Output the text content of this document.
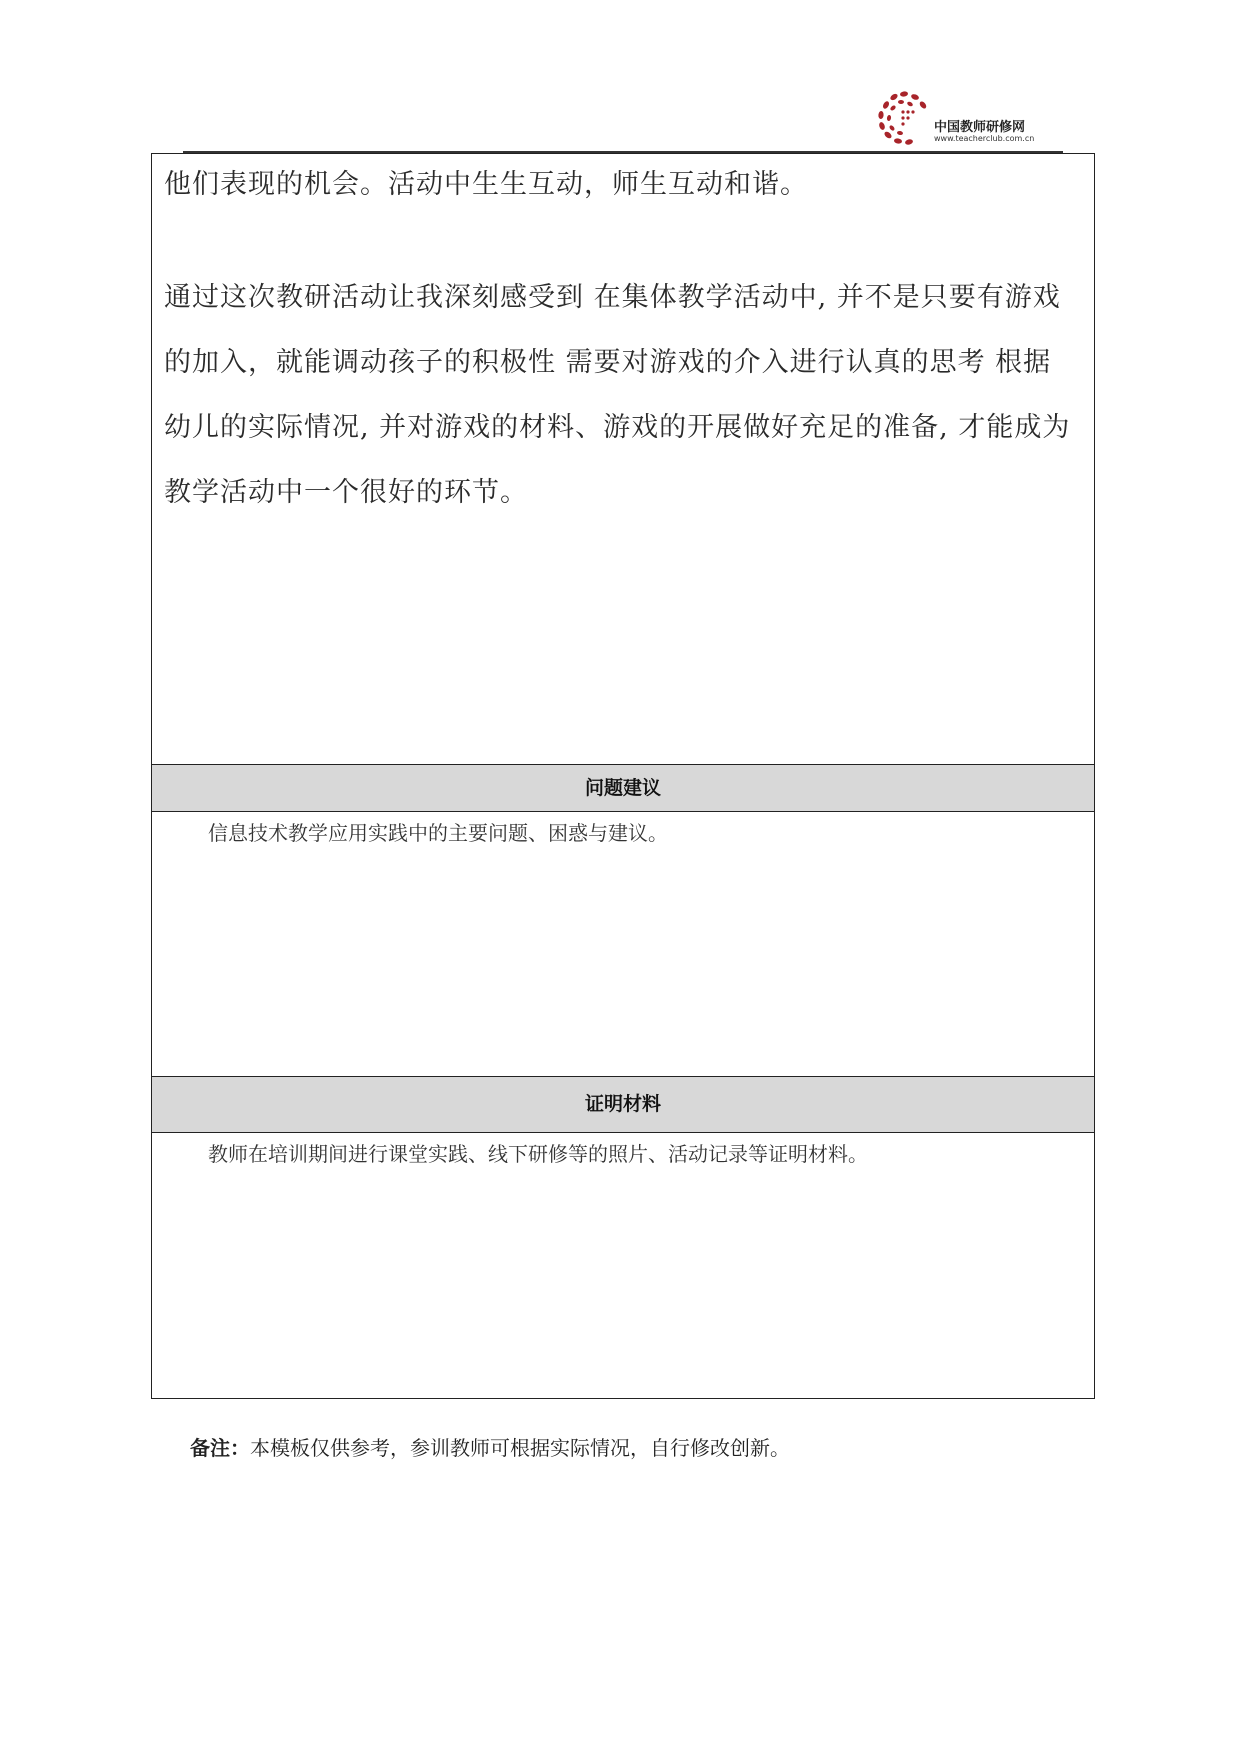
中国教师研修网
www.teacherclub.com.cn

他们表现的机会。活动中生生互动，师生互动和谐。

通过这次教研活动让我深刻感受到 在集体教学活动中, 并不是只要有游戏

的加入，就能调动孩子的积极性 需要对游戏的介入进行认真的思考 根据

幼儿的实际情况, 并对游戏的材料、游戏的开展做好充足的准备, 才能成为

教学活动中一个很好的环节。

问题建议
信息技术教学应用实践中的主要问题、困惑与建议。
证明材料
教师在培训期间进行课堂实践、线下研修等的照片、活动记录等证明材料。
备注：本模板仅供参考，参训教师可根据实际情况，自行修改创新。
